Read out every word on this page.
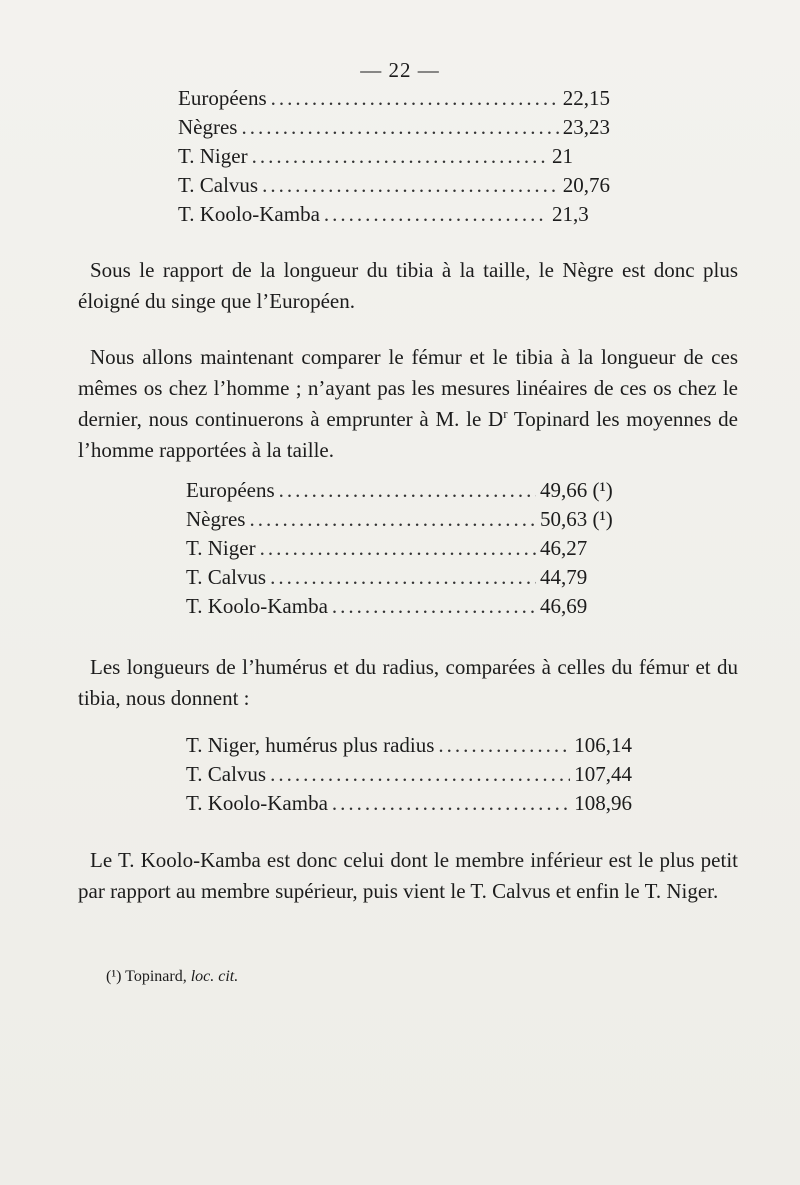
— 22 —
Européens .....	22,15
Nègres .....	23,23
T. Niger .....	21
T. Calvus .....	20,76
T. Koolo-Kamba .....	21,3

Sous le rapport de la longueur du tibia à la taille, le Nègre est donc plus éloigné du singe que l’Européen.

Nous allons maintenant comparer le fémur et le tibia à la longueur de ces mêmes os chez l’homme ; n’ayant pas les mesures linéaires de ces os chez le dernier, nous continuerons à emprunter à M. le $D^r$ Topinard les moyennes de l’homme rapportées à la taille.

Européens .....	49,66 (¹)
Nègres .....	50,63 (¹)
T. Niger .....	46,27
T. Calvus .....	44,79
T. Koolo-Kamba .....	46,69

Les longueurs de l’humérus et du radius, comparées à celles du fémur et du tibia, nous donnent :

T. Niger, humérus plus radius .....	106,14
T. Calvus .....	107,44
T. Koolo-Kamba .....	108,96

Le T. Koolo-Kamba est donc celui dont le membre inférieur est le plus petit par rapport au membre supérieur, puis vient le T. Calvus et enfin le T. Niger.

(¹) Topinard, loc. cit.
